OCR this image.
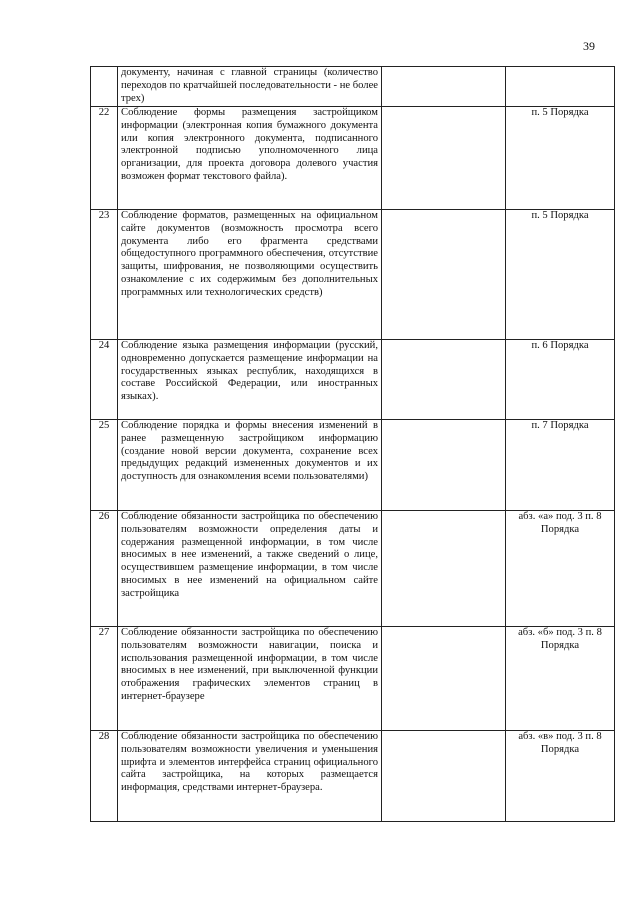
39
	документу, начиная с главной страницы (количество переходов по кратчайшей последовательности - не более трех)		
22	Соблюдение формы размещения застройщиком информации (электронная копия бумажного документа или копия электронного документа, подписанного электронной подписью уполномоченного лица организации, для проекта договора долевого участия возможен формат текстового файла).		п. 5 Порядка
23	Соблюдение форматов, размещенных на официальном сайте документов (возможность просмотра всего документа либо его фрагмента средствами общедоступного программного обеспечения, отсутствие защиты, шифрования, не позволяющими осуществить ознакомление с их содержимым без дополнительных программных или технологических средств)		п. 5 Порядка
24	Соблюдение языка размещения информации (русский, одновременно допускается размещение информации на государственных языках республик, находящихся в составе Российской Федерации, или иностранных языках).		п. 6 Порядка
25	Соблюдение порядка и формы внесения изменений в ранее размещенную застройщиком информацию (создание новой версии документа, сохранение всех предыдущих редакций измененных документов и их доступность для ознакомления всеми пользователями)		п. 7 Порядка
26	Соблюдение обязанности застройщика по обеспечению пользователям возможности определения даты и содержания размещенной информации, в том числе вносимых в нее изменений, а также сведений о лице, осуществившем размещение информации, в том числе вносимых в нее изменений на официальном сайте застройщика		абз. «а» под. 3 п. 8 Порядка
27	Соблюдение обязанности застройщика по обеспечению пользователям возможности навигации, поиска и использования размещенной информации, в том числе вносимых в нее изменений, при выключенной функции отображения графических элементов страниц в интернет-браузере		абз. «б» под. 3 п. 8 Порядка
28	Соблюдение обязанности застройщика по обеспечению пользователям возможности увеличения и уменьшения шрифта и элементов интерфейса страниц официального сайта застройщика, на которых размещается информация, средствами интернет-браузера.		абз. «в» под. 3 п. 8 Порядка
